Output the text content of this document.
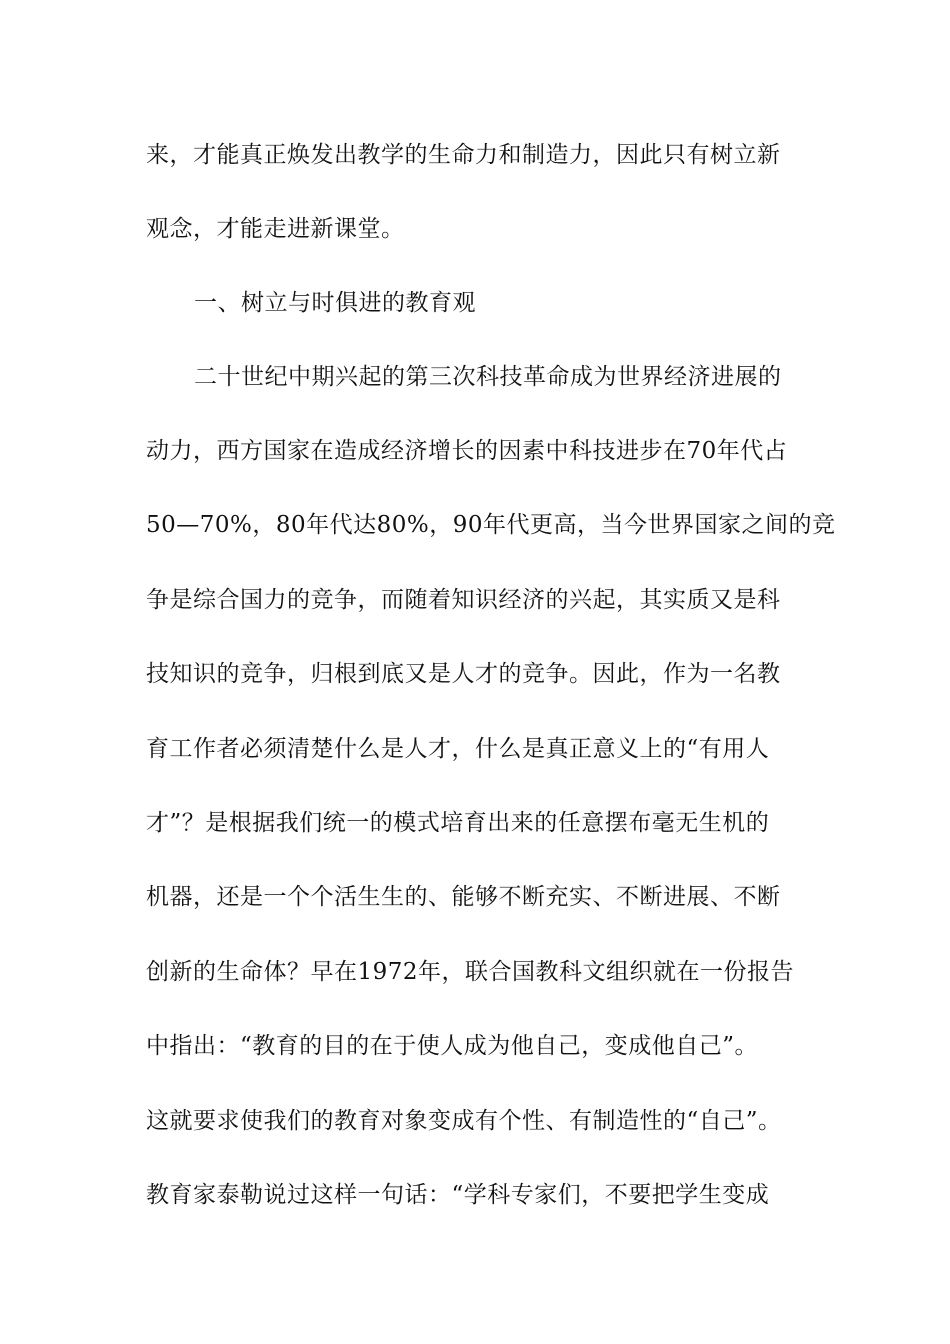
来，才能真正焕发出教学的生命力和制造力，因此只有树立新
观念，才能走进新课堂。
一、树立与时俱进的教育观
二十世纪中期兴起的第三次科技革命成为世界经济进展的
动力，西方国家在造成经济增长的因素中科技进步在70年代占
50—70%，80年代达80%，90年代更高，当今世界国家之间的竞
争是综合国力的竞争，而随着知识经济的兴起，其实质又是科
技知识的竞争，归根到底又是人才的竞争。因此，作为一名教
育工作者必须清楚什么是人才，什么是真正意义上的“有用人
才”？是根据我们统一的模式培育出来的任意摆布毫无生机的
机器，还是一个个活生生的、能够不断充实、不断进展、不断
创新的生命体？早在1972年，联合国教科文组织就在一份报告
中指出：“教育的目的在于使人成为他自己，变成他自己”。
这就要求使我们的教育对象变成有个性、有制造性的“自己”。
教育家泰勒说过这样一句话：“学科专家们，不要把学生变成
